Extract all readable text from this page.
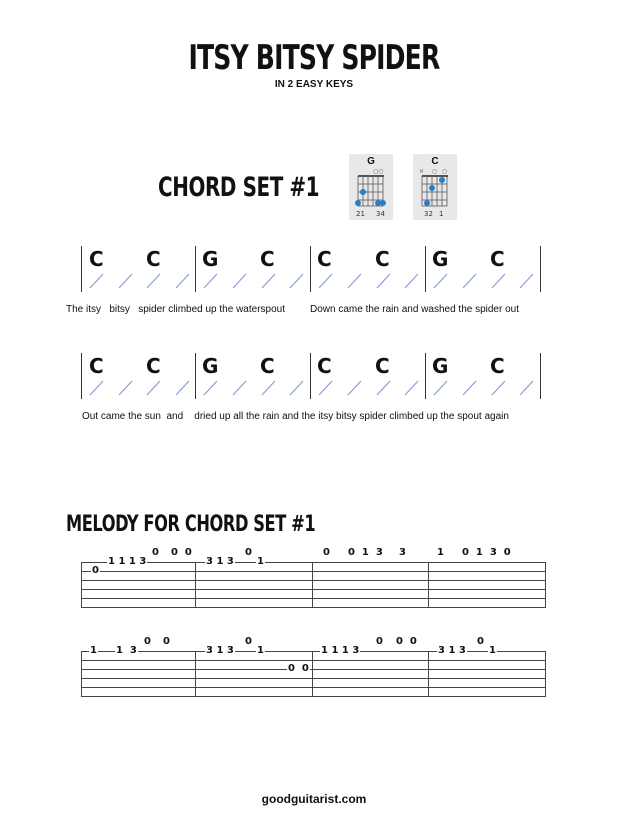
ITSY BITSY SPIDER
IN 2 EASY KEYS
CHORD SET #1
G
○○
21 34
C
× ○ ○
32 1
C C G C C C G C
C C G C C C G C
The itsy   bitsy   spider climbed up the waterspout         Down came the rain and washed the spider out
Out came the sun  and    dried up all the rain and the itsy bitsy spider climbed up the spout again
MELODY FOR CHORD SET #1
0
1 1 1 3
0 0  0
3 1 3
0
1
0 0  1  3 3	1 0  1  3  0
1 1  3
0 0
3 1 3
0
1
0  0
1 1 1 3
0 0  0
3 1 3
0
1
goodguitarist.com
